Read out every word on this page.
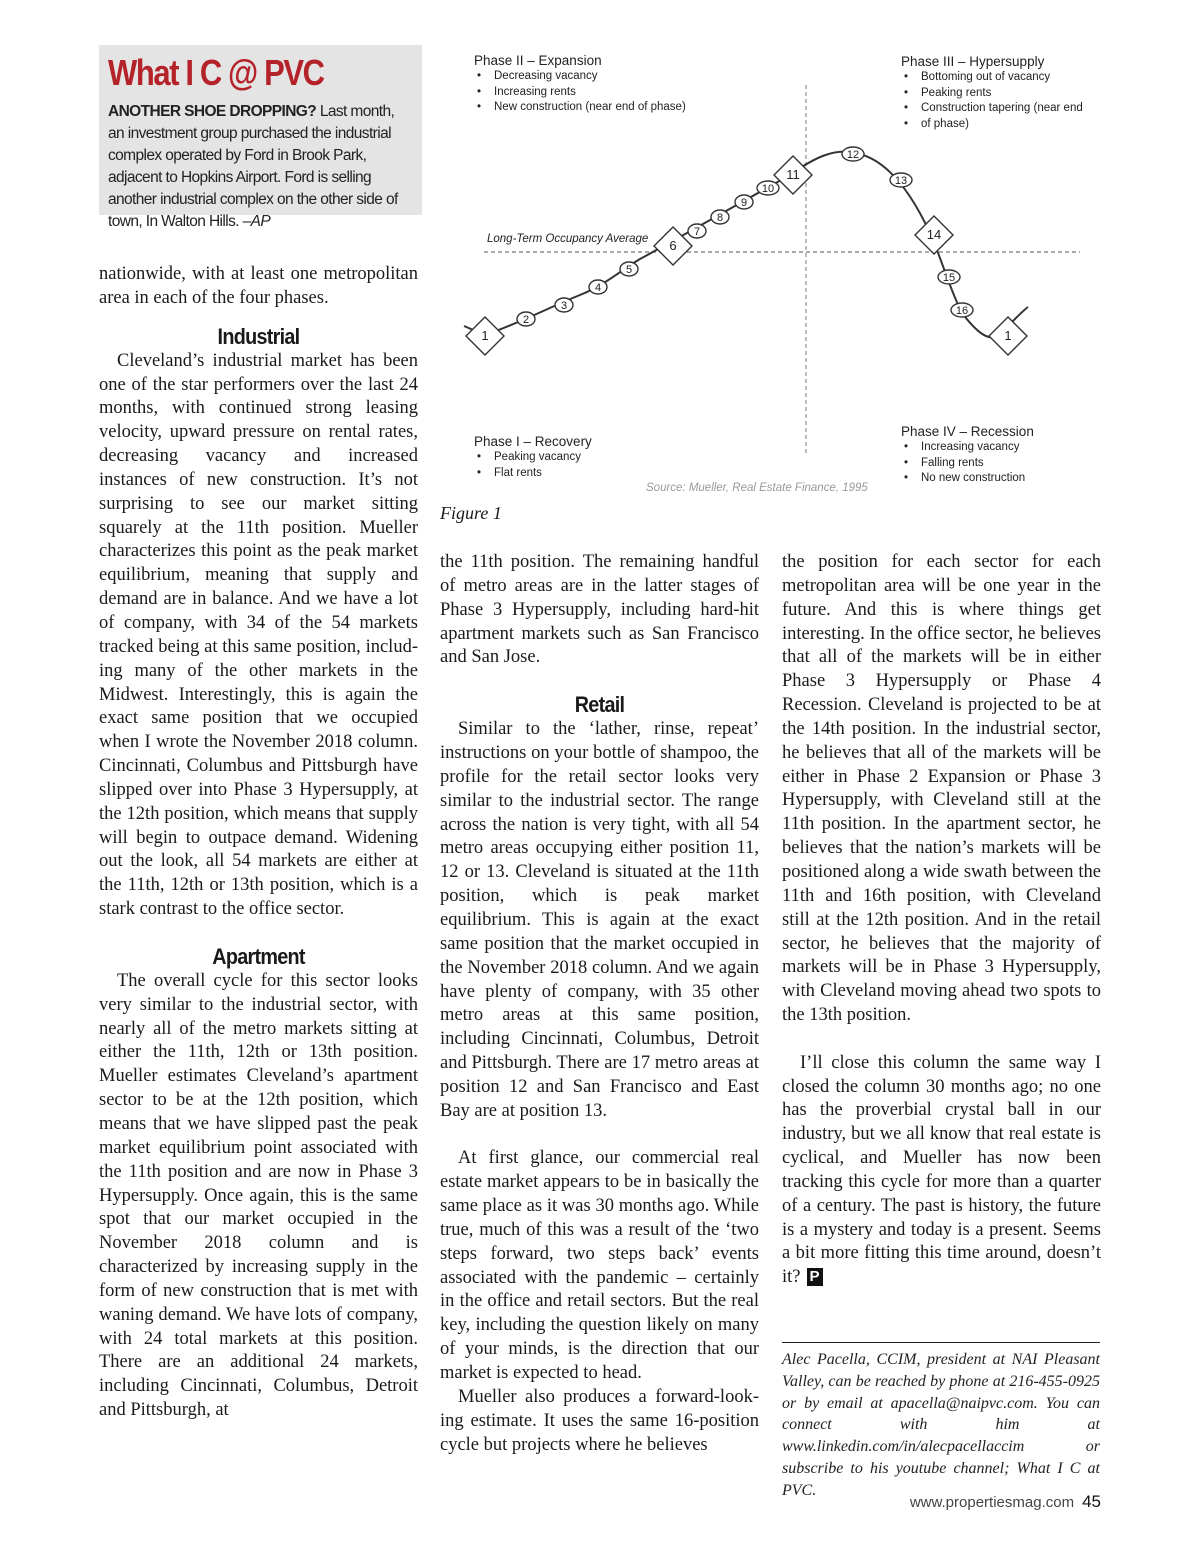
What I C @ PVC
ANOTHER SHOE DROPPING? Last month, an investment group purchased the industrial complex operated by Ford in Brook Park, adjacent to Hopkins Airport. Ford is selling another industrial complex on the other side of town, In Walton Hills. –AP
Phase II – Expansion
• Decreasing vacancy
• Increasing rents
• New construction (near end of phase)
Phase III – Hypersupply
• Bottoming out of vacancy
• Peaking rents
• Construction tapering (near end
• of phase)
Phase I – Recovery
• Peaking vacancy
• Flat rents
Phase IV – Recession
• Increasing vacancy
• Falling rents
• No new construction
1
2
3
4
5
6
7
8
9
10
11
12
13
14
15
16
1
Long-Term Occupancy Average
Source: Mueller, Real Estate Finance, 1995
Figure 1

nationwide, with at least one metropolitan area in each of the four phases.

Industrial

Cleveland’s industrial market has been one of the star performers over the last 24 months, with continued strong leasing velocity, upward pressure on rental rates, decreasing vacancy and increased instances of new construction. It’s not surprising to see our market sitting squarely at the 11th position. Mueller characterizes this point as the peak market equilibrium, meaning that supply and demand are in balance. And we have a lot of company, with 34 of the 54 markets tracked being at this same position, including many of the other markets in the Midwest. Interestingly, this is again the exact same position that we occupied when I wrote the November 2018 column. Cincinnati, Columbus and Pittsburgh have slipped over into Phase 3 Hypersupply, at the 12th position, which means that supply will begin to outpace demand. Widening out the look, all 54 markets are either at the 11th, 12th or 13th position, which is a stark contrast to the office sector.

Apartment

The overall cycle for this sector looks very similar to the industrial sector, with nearly all of the metro markets sitting at either the 11th, 12th or 13th position. Mueller estimates Cleveland’s apartment sector to be at the 12th position, which means that we have slipped past the peak market equilibrium point associated with the 11th position and are now in Phase 3 Hypersupply. Once again, this is the same spot that our market occupied in the November 2018 column and is characterized by increasing supply in the form of new construction that is met with waning demand. We have lots of company, with 24 total markets at this position. There are an additional 24 markets, including Cincinnati, Columbus, Detroit and Pittsburgh, at

the 11th position. The remaining handful of metro areas are in the latter stages of Phase 3 Hypersupply, including hard-hit apartment markets such as San Francisco and San Jose.

Retail

Similar to the ‘lather, rinse, repeat’ instructions on your bottle of shampoo, the profile for the retail sector looks very similar to the industrial sector. The range across the nation is very tight, with all 54 metro areas occupying either position 11, 12 or 13. Cleveland is situated at the 11th position, which is peak market equilibrium. This is again at the exact same position that the market occupied in the November 2018 column. And we again have plenty of company, with 35 other metro areas at this same position, including Cincinnati, Columbus, Detroit and Pittsburgh. There are 17 metro areas at position 12 and San Francisco and East Bay are at position 13.

At first glance, our commercial real estate market appears to be in basically the same place as it was 30 months ago. While true, much of this was a result of the ‘two steps forward, two steps back’ events associated with the pandemic – certainly in the office and retail sectors. But the real key, including the question likely on many of your minds, is the direction that our market is expected to head.

Mueller also produces a forward-looking estimate. It uses the same 16-position cycle but projects where he believes

the position for each sector for each metropolitan area will be one year in the future. And this is where things get interesting. In the office sector, he believes that all of the markets will be in either Phase 3 Hypersupply or Phase 4 Recession. Cleveland is projected to be at the 14th position. In the industrial sector, he believes that all of the markets will be either in Phase 2 Expansion or Phase 3 Hypersupply, with Cleveland still at the 11th position. In the apartment sector, he believes that the nation’s markets will be positioned along a wide swath between the 11th and 16th position, with Cleveland still at the 12th position. And in the retail sector, he believes that the majority of markets will be in Phase 3 Hypersupply, with Cleveland moving ahead two spots to the 13th position.

I’ll close this column the same way I closed the column 30 months ago; no one has the proverbial crystal ball in our industry, but we all know that real estate is cyclical, and Mueller has now been tracking this cycle for more than a quarter of a century. The past is history, the future is a mystery and today is a present. Seems a bit more fitting this time around, doesn’t it? P

Alec Pacella, CCIM, president at NAI Pleasant Valley, can be reached by phone at 216-455-0925 or by email at apacella@naipvc.com. You can connect with him at www.linkedin.com/in/alecpacellaccim or subscribe to his youtube channel; What I C at PVC.
www.propertiesmag.com 45
